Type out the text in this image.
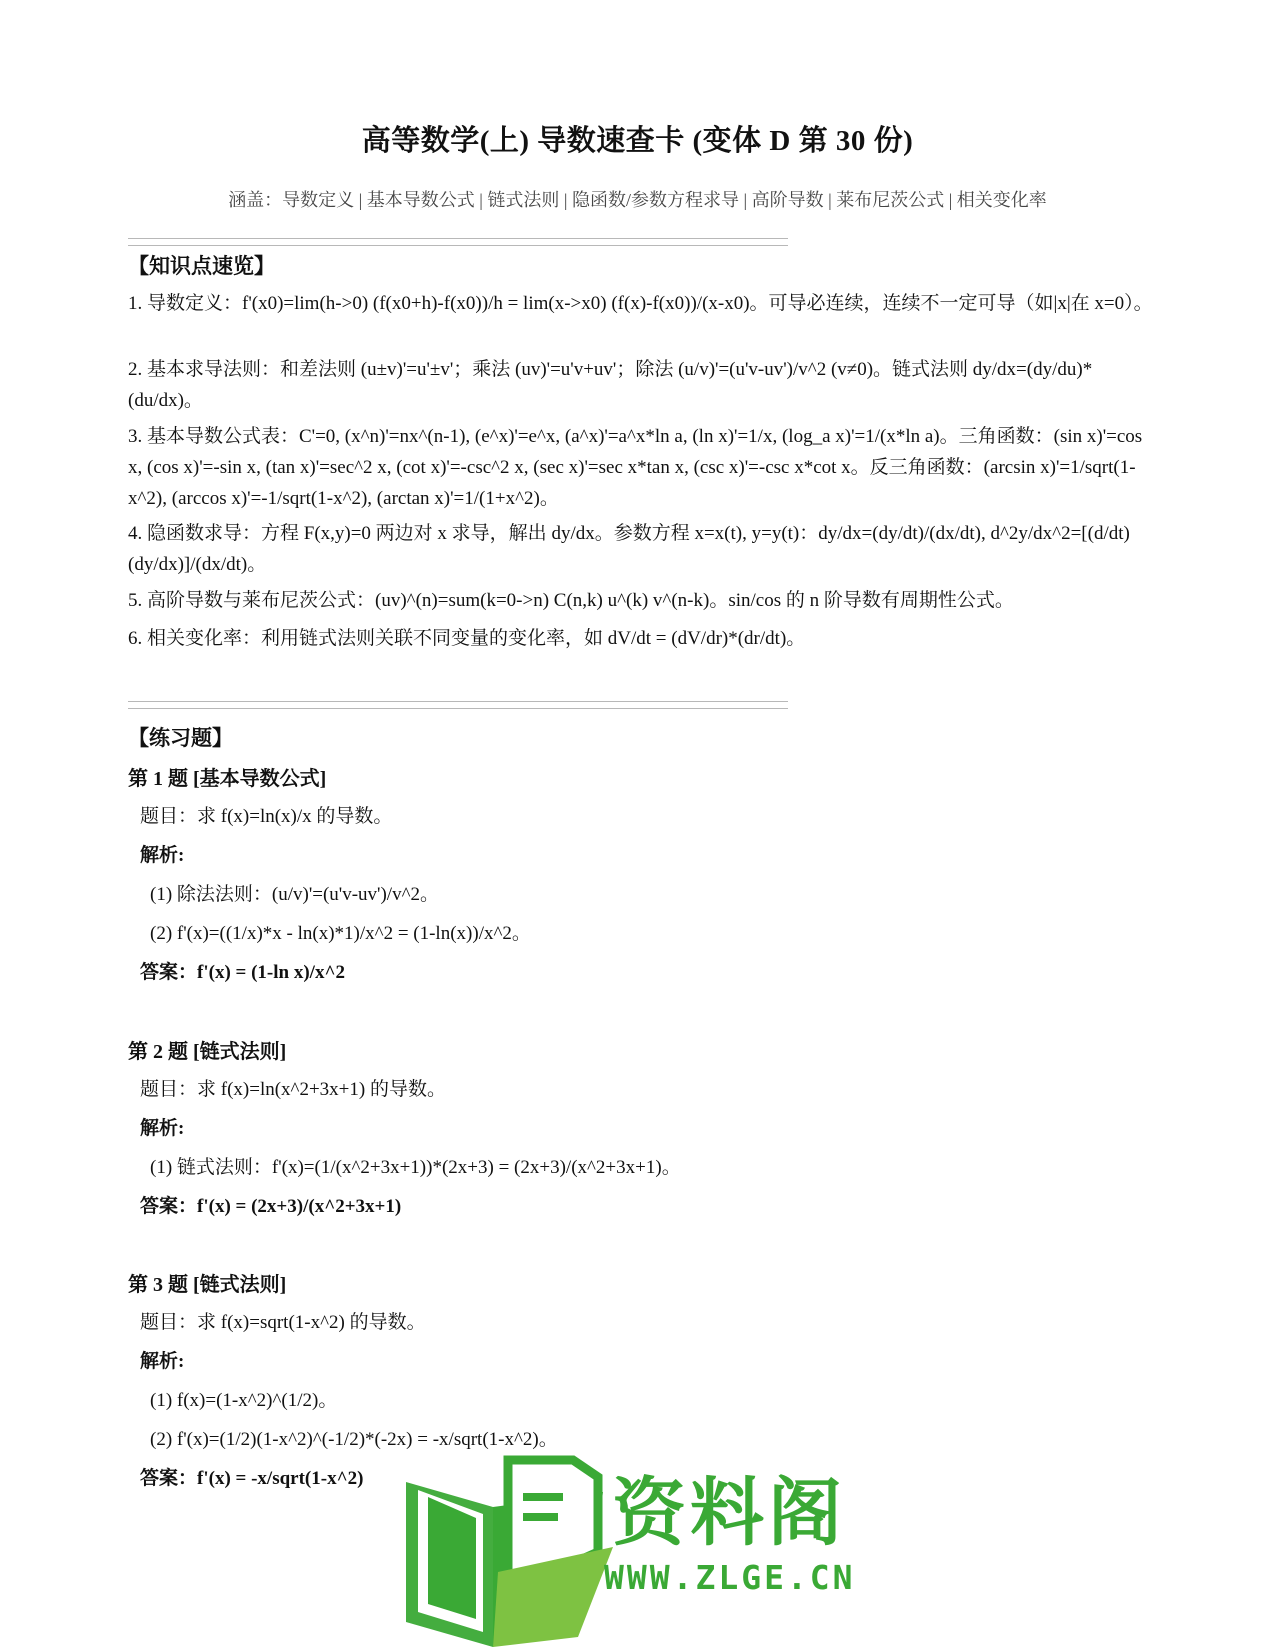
高等数学(上) 导数速查卡 (变体 D 第 30 份)
涵盖：导数定义 | 基本导数公式 | 链式法则 | 隐函数/参数方程求导 | 高阶导数 | 莱布尼茨公式 | 相关变化率
【知识点速览】
1. 导数定义：f'(x0)=lim(h->0) (f(x0+h)-f(x0))/h = lim(x->x0) (f(x)-f(x0))/(x-x0)。可导必连续，连续不一定可导（如|x|在 x=0）。
2. 基本求导法则：和差法则 (u±v)'=u'±v'；乘法 (uv)'=u'v+uv'；除法 (u/v)'=(u'v-uv')/v^2 (v≠0)。链式法则 dy/dx=(dy/du)*(du/dx)。
3. 基本导数公式表：C'=0, (x^n)'=nx^(n-1), (e^x)'=e^x, (a^x)'=a^x*ln a, (ln x)'=1/x, (log_a x)'=1/(x*ln a)。三角函数：(sin x)'=cos x, (cos x)'=-sin x, (tan x)'=sec^2 x, (cot x)'=-csc^2 x, (sec x)'=sec x*tan x, (csc x)'=-csc x*cot x。反三角函数：(arcsin x)'=1/sqrt(1-x^2), (arccos x)'=-1/sqrt(1-x^2), (arctan x)'=1/(1+x^2)。
4. 隐函数求导：方程 F(x,y)=0 两边对 x 求导，解出 dy/dx。参数方程 x=x(t), y=y(t)：dy/dx=(dy/dt)/(dx/dt), d^2y/dx^2=[(d/dt)(dy/dx)]/(dx/dt)。
5. 高阶导数与莱布尼茨公式：(uv)^(n)=sum(k=0->n) C(n,k) u^(k) v^(n-k)。sin/cos 的 n 阶导数有周期性公式。
6. 相关变化率：利用链式法则关联不同变量的变化率，如 dV/dt = (dV/dr)*(dr/dt)。
【练习题】
第 1 题 [基本导数公式]
题目：求 f(x)=ln(x)/x 的导数。
解析:
(1) 除法法则：(u/v)'=(u'v-uv')/v^2。
(2) f'(x)=((1/x)*x - ln(x)*1)/x^2 = (1-ln(x))/x^2。
答案：f'(x) = (1-ln x)/x^2
第 2 题 [链式法则]
题目：求 f(x)=ln(x^2+3x+1) 的导数。
解析:
(1) 链式法则：f'(x)=(1/(x^2+3x+1))*(2x+3) = (2x+3)/(x^2+3x+1)。
答案：f'(x) = (2x+3)/(x^2+3x+1)
第 3 题 [链式法则]
题目：求 f(x)=sqrt(1-x^2) 的导数。
解析:
(1) f(x)=(1-x^2)^(1/2)。
(2) f'(x)=(1/2)(1-x^2)^(-1/2)*(-2x) = -x/sqrt(1-x^2)。
答案：f'(x) = -x/sqrt(1-x^2)	资料阁
WWW.ZLGE.CN
